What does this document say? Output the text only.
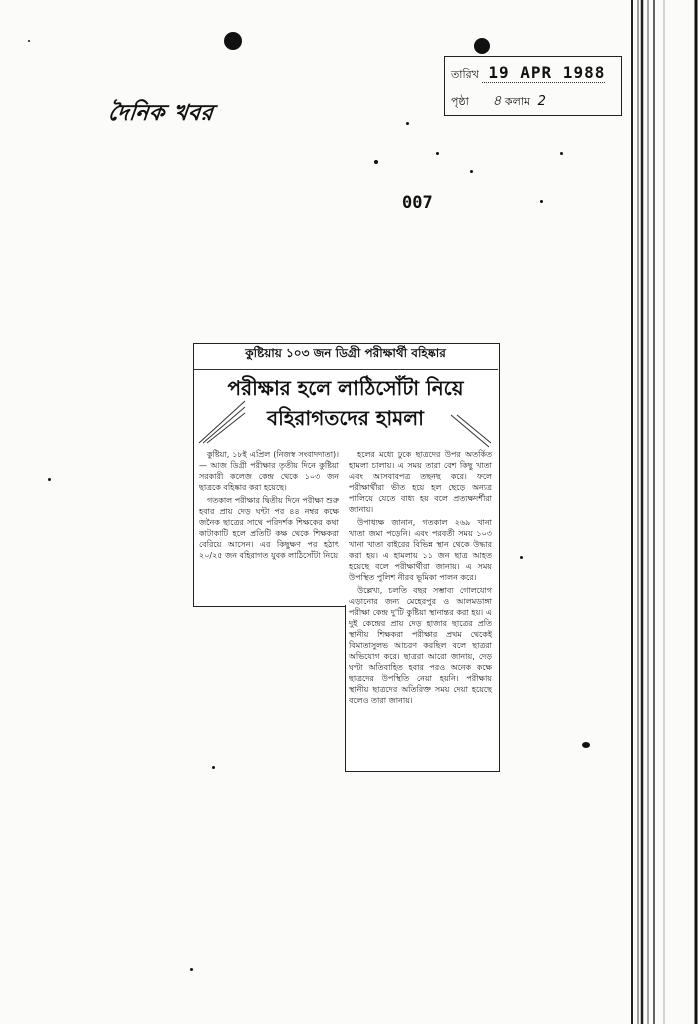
দৈনিক খবর
তারিখ 19 APR 1988
পৃষ্ঠা ৪ কলাম 2
007
কুষ্টিয়ায় ১০৩ জন ডিগ্রী পরীক্ষার্থী বহিষ্কার
পরীক্ষার হলে লাঠিসোঁটা নিয়ে
বহিরাগতদের হামলা

কুষ্টিয়া, ১৮ই এপ্রিল (নিজস্ব সংবাদদাতা)।— আজ ডিগ্রী পরীক্ষার তৃতীয় দিনে কুষ্টিয়া সরকারী কলেজ কেন্দ্র থেকে ১০৩ জন ছাত্রকে বহিষ্কার করা হয়েছে।

গতকাল পরীক্ষার দ্বিতীয় দিনে পরীক্ষা শুরু হবার প্রায় দেড় ঘন্টা পর ৪৪ নম্বর কক্ষে জনৈক ছাত্রের সাথে পরিদর্শক শিক্ষকের কথা কাটাকাটি হলে প্রতিটি কক্ষ থেকে শিক্ষকরা বেরিয়ে আসেন। এর কিছুক্ষণ পর হঠাৎ ২০/২৫ জন বহিরাগত যুবক লাঠিসোঁটা নিয়ে

হলের মধ্যে ঢুকে ছাত্রদের উপর অতর্কিত হামলা চালায়। এ সময় তারা বেশ কিছু খাতা এবং আসবাবপত্র তছনছ করে। ফলে পরীক্ষার্থীরা ভীত হয়ে হল ছেড়ে অন্যত্র পালিয়ে যেতে বাধ্য হয় বলে প্রত্যক্ষদর্শীরা জানায়।

উপাধ্যক্ষ জানান, গতকাল ২৬৯ খানা খাতা জমা পড়েনি। এবং পরবর্তী সময় ১০৩ খানা খাতা বাইরের বিভিন্ন স্থান থেকে উদ্ধার করা হয়। এ হামলায় ১১ জন ছাত্র আহত হয়েছে বলে পরীক্ষার্থীরা জানায়। এ সময় উপস্থিত পুলিশ নীরব ভূমিকা পালন করে।

উল্লেখ্য, চলতি বছর সম্ভাব্য গোলযোগ এড়ানোর জন্য মেহেরপুর ও আলমডাঙ্গা পরীক্ষা কেন্দ্র দু'টি কুষ্টিয়া স্থানান্তর করা হয়। এ দুই কেন্দ্রের প্রায় দেড় হাজার ছাত্রের প্রতি স্থানীয় শিক্ষকরা পরীক্ষার প্রথম থেকেই বিমাতাসুলভ আচরণ করছিল বলে ছাত্ররা অভিযোগ করে। ছাত্ররা আরো জানায়, দেড় ঘণ্টা অতিবাহিত হবার পরও অনেক কক্ষে ছাত্রদের উপস্থিতি নেয়া হয়নি। পরীক্ষায় স্থানীয় ছাত্রদের অতিরিক্ত সময় দেয়া হয়েছে বলেও তারা জানায়।
